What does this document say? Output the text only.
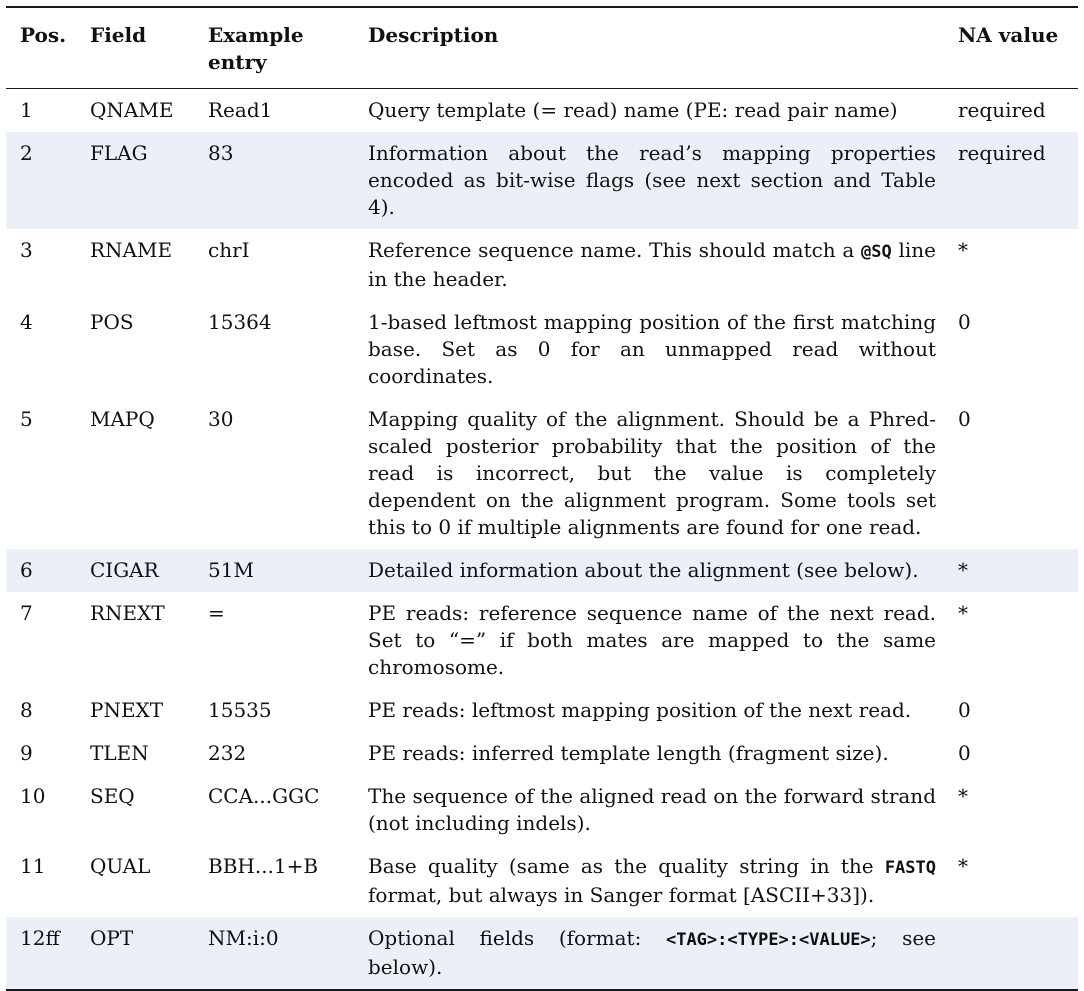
Pos.	Field	Example entry	Description	NA value
1	QNAME	Read1	Query template (= read) name (PE: read pair name)	required
2	FLAG	83	Information about the read’s mapping properties encoded as bit-wise flags (see next section and Table 4).	required
3	RNAME	chrI	Reference sequence name. This should match a @SQ line in the header.	*
4	POS	15364	1-based leftmost mapping position of the first matching base. Set as 0 for an unmapped read without coordinates.	0
5	MAPQ	30	Mapping quality of the alignment. Should be a Phred-scaled posterior probability that the position of the read is incorrect, but the value is completely dependent on the alignment program. Some tools set this to 0 if multiple alignments are found for one read.	0
6	CIGAR	51M	Detailed information about the alignment (see below).	*
7	RNEXT	=	PE reads: reference sequence name of the next read. Set to “=” if both mates are mapped to the same chromosome.	*
8	PNEXT	15535	PE reads: leftmost mapping position of the next read.	0
9	TLEN	232	PE reads: inferred template length (fragment size).	0
10	SEQ	CCA...GGC	The sequence of the aligned read on the forward strand (not including indels).	*
11	QUAL	BBH...1+B	Base quality (same as the quality string in the FASTQ format, but always in Sanger format [ASCII+33]).	*
12ff	OPT	NM:i:0	Optional fields (format: <TAG>:<TYPE>:<VALUE>; see below).	
